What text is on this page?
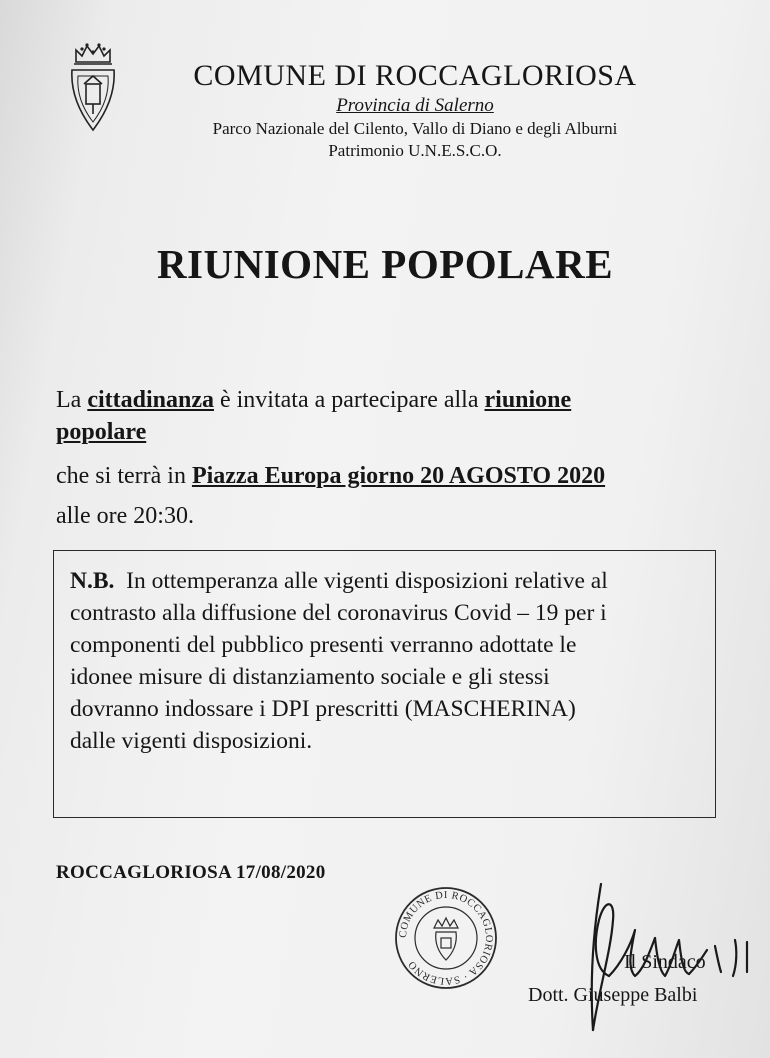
COMUNE DI ROCCAGLORIOSA
Provincia di Salerno
Parco Nazionale del Cilento, Vallo di Diano e degli Alburni
Patrimonio U.N.E.S.C.O.
RIUNIONE POPOLARE

La cittadinanza è invitata a partecipare alla riunione

popolare

che si terrà in Piazza Europa giorno 20 AGOSTO 2020

alle ore 20:30.

N.B.  In ottemperanza alle vigenti disposizioni relative al
contrasto alla diffusione del coronavirus Covid – 19 per i
componenti del pubblico presenti verranno adottate le
idonee misure di distanziamento sociale e gli stessi
dovranno indossare i DPI prescritti (MASCHERINA)
dalle vigenti disposizioni.
ROCCAGLORIOSA 17/08/2020
COMUNE DI ROCCAGLORIOSA · SALERNO	Il Sindaco
Dott. Giuseppe Balbi
